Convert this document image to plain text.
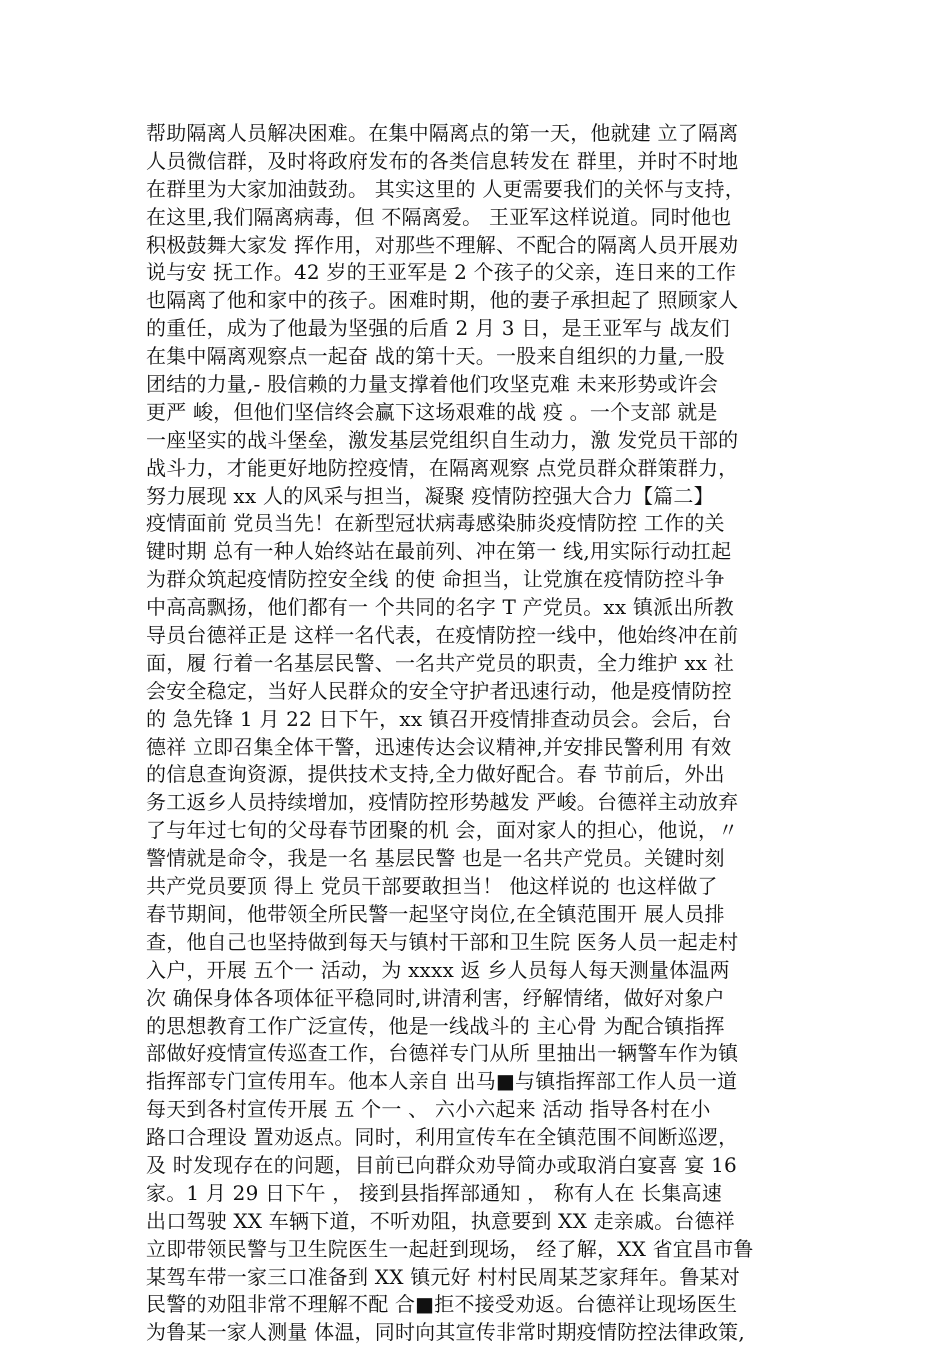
帮助隔离人员解决困难。在集中隔离点的第一天，他就建 立了隔离
人员微信群，及时将政府发布的各类信息转发在 群里，并时不时地
在群里为大家加油鼓劲。 其实这里的 人更需要我们的关怀与支持，
在这里,我们隔离病毒，但 不隔离爱。 王亚军这样说道。同时他也
积极鼓舞大家发 挥作用，对那些不理解、不配合的隔离人员开展劝
说与安 抚工作。42 岁的王亚军是 2 个孩子的父亲，连日来的工作
也隔离了他和家中的孩子。困难时期，他的妻子承担起了 照顾家人
的重任，成为了他最为坚强的后盾 2 月 3 日，是王亚军与 战友们
在集中隔离观察点一起奋 战的第十天。一股来自组织的力量,一股
团结的力量,- 股信赖的力量支撑着他们攻坚克难 未来形势或许会
更严 峻，但他们坚信终会赢下这场艰难的战 疫 。一个支部 就是
一座坚实的战斗堡垒，激发基层党组织自生动力，激 发党员干部的
战斗力，才能更好地防控疫情，在隔离观察 点党员群众群策群力，
努力展现 xx 人的风采与担当，凝聚 疫情防控强大合力【篇二】
疫情面前 党员当先！在新型冠状病毒感染肺炎疫情防控 工作的关
键时期 总有一种人始终站在最前列、冲在第一 线,用实际行动扛起
为群众筑起疫情防控安全线 的使 命担当，让党旗在疫情防控斗争
中高高飘扬，他们都有一 个共同的名字 T 产党员。xx 镇派出所教
导员台德祥正是 这样一名代表，在疫情防控一线中，他始终冲在前
面，履 行着一名基层民警、一名共产党员的职责，全力维护 xx 社
会安全稳定，当好人民群众的安全守护者迅速行动，他是疫情防控
的 急先锋 1 月 22 日下午，xx 镇召开疫情排查动员会。会后，台
德祥 立即召集全体干警，迅速传达会议精神,并安排民警利用 有效
的信息查询资源，提供技术支持,全力做好配合。春 节前后，外出
务工返乡人员持续增加，疫情防控形势越发 严峻。台德祥主动放弃
了与年过七旬的父母春节团聚的机 会，面对家人的担心，他说，〃
警情就是命令，我是一名 基层民警 也是一名共产党员。关键时刻
共产党员要顶 得上 党员干部要敢担当！ 他这样说的 也这样做了
春节期间，他带领全所民警一起坚守岗位,在全镇范围开 展人员排
查，他自己也坚持做到每天与镇村干部和卫生院 医务人员一起走村
入户，开展 五个一 活动，为 xxxx 返 乡人员每人每天测量体温两
次 确保身体各项体征平稳同时,讲清利害，纾解情绪，做好对象户
的思想教育工作广泛宣传，他是一线战斗的 主心骨 为配合镇指挥
部做好疫情宣传巡查工作，台德祥专门从所 里抽出一辆警车作为镇
指挥部专门宣传用车。他本人亲自 出马■与镇指挥部工作人员一道
每天到各村宣传开展 五 个一 、 六小六起来 活动 指导各村在小
路口合理设 置劝返点。同时，利用宣传车在全镇范围不间断巡逻，
及 时发现存在的问题，目前已向群众劝导简办或取消白宴喜 宴 16
家。1 月 29 日下午 ， 接到县指挥部通知 ， 称有人在 长集高速
出口驾驶 XX 车辆下道，不听劝阻，执意要到 XX 走亲戚。台德祥
立即带领民警与卫生院医生一起赶到现场， 经了解，XX 省宜昌市鲁
某驾车带一家三口准备到 XX 镇元好 村村民周某芝家拜年。鲁某对
民警的劝阻非常不理解不配 合■拒不接受劝返。台德祥让现场医生
为鲁某一家人测量 体温，同时向其宣传非常时期疫情防控法律政策,
